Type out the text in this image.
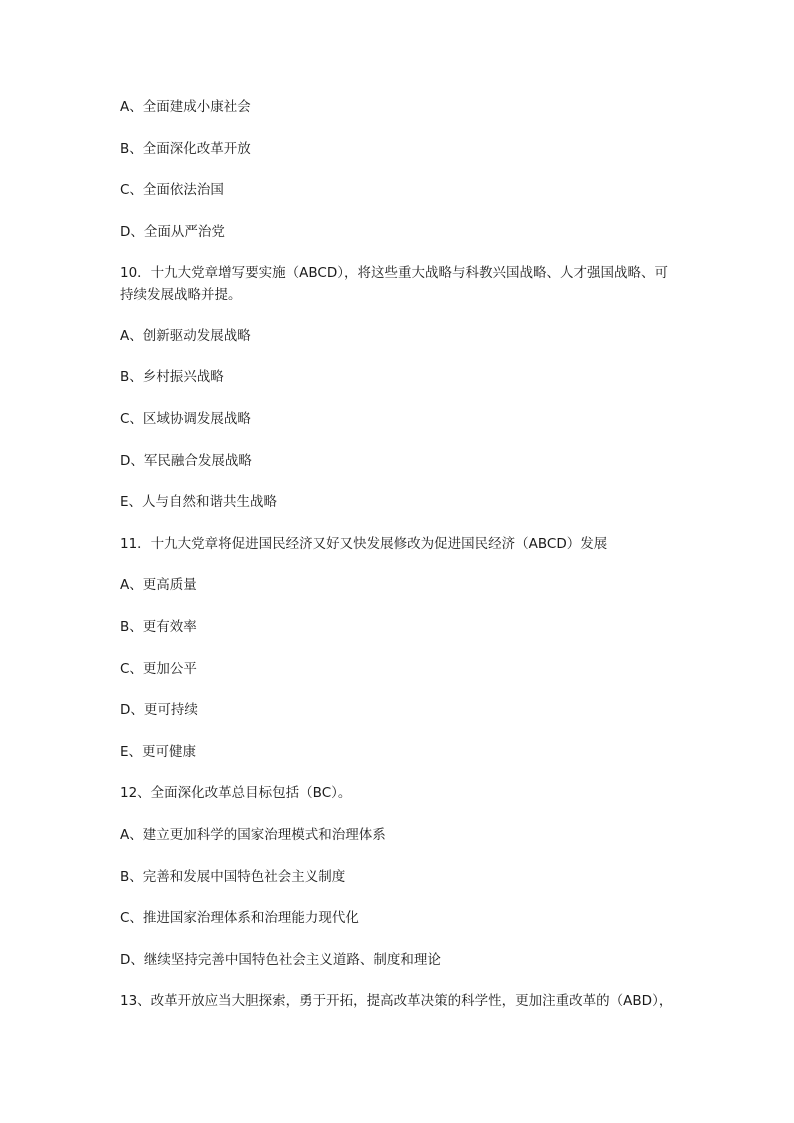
A、全面建成小康社会
B、全面深化改革开放
C、全面依法治国
D、全面从严治党
10．十九大党章增写要实施（ABCD），将这些重大战略与科教兴国战略、人才强国战略、可持续发展战略并提。
A、创新驱动发展战略
B、乡村振兴战略
C、区域协调发展战略
D、军民融合发展战略
E、人与自然和谐共生战略
11．十九大党章将促进国民经济又好又快发展修改为促进国民经济（ABCD）发展
A、更高质量
B、更有效率
C、更加公平
D、更可持续
E、更可健康
12、全面深化改革总目标包括（BC）。
A、建立更加科学的国家治理模式和治理体系
B、完善和发展中国特色社会主义制度
C、推进国家治理体系和治理能力现代化
D、继续坚持完善中国特色社会主义道路、制度和理论
13、改革开放应当大胆探索，勇于开拓，提高改革决策的科学性，更加注重改革的（ABD），
